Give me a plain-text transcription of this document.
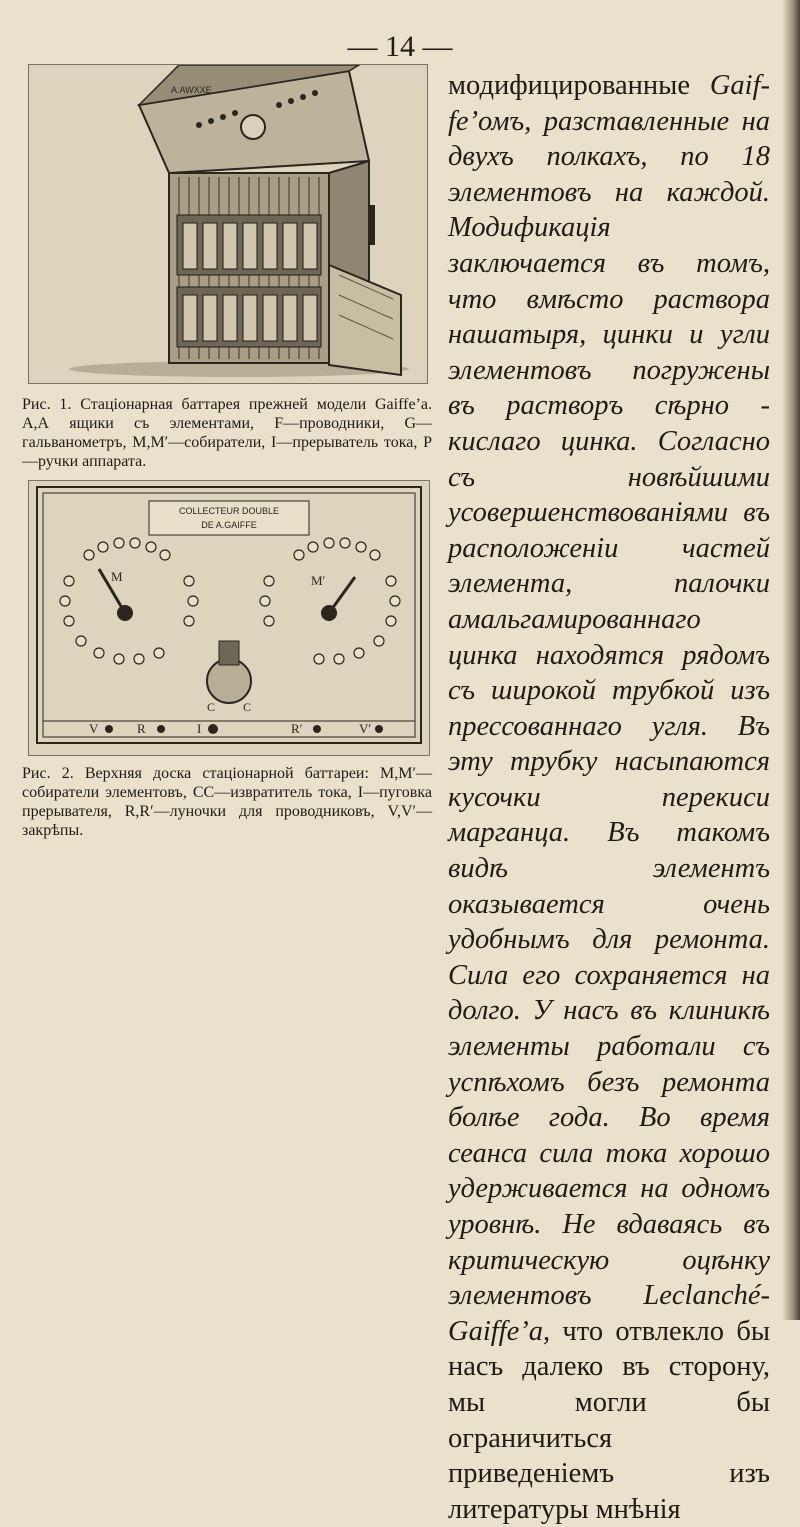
— 14 —
A.AWXXE
Рис. 1. Стаціонарная баттарея прежней модели Gaiffe’a. А,А ящики съ элементами, F—проводники, G—гальванометръ, М,М′—собиратели, I—прерыватель тока, Р—ручки аппарата.
COLLECTEUR DOUBLE
DE A.GAIFFE
M	M′
C C
V	R	I	R′	V′
Рис. 2. Верхняя доска стаціонарной баттареи: М,М′—собиратели элементовъ, СС—извратитель тока, I—пуговка прерывателя, R,R′—луночки для проводниковъ, V,V′—закрѣпы.
модифицированные Gaif-fe’омъ, разставленные на двухъ полкахъ, по 18 элементовъ на каждой. Модификація заключается въ томъ, что вмѣсто раствора нашатыря, цинки и угли элементовъ погружены въ растворъ сѣрно - кислаго цинка. Согласно съ новѣйшими усовершенствованіями въ расположеніи частей элемента, палочки амальгамированнаго цинка находятся рядомъ съ широкой трубкой изъ прессованнаго угля. Въ эту трубку насыпаются кусочки перекиси марганца. Въ такомъ видѣ элементъ оказывается очень удобнымъ для ремонта. Сила его сохраняется на долго. У насъ въ клиникѣ элементы работали съ успѣхомъ безъ ремонта болѣе года. Во время сеанса сила тока хорошо удерживается на одномъ уровнѣ. Не вдаваясь въ критическую оцѣнку элементовъ Leclanché-Gaiffe’a, что отвлекло бы насъ далеко въ сторону, мы могли бы ограничиться приведеніемъ изъ литературы мнѣнія
